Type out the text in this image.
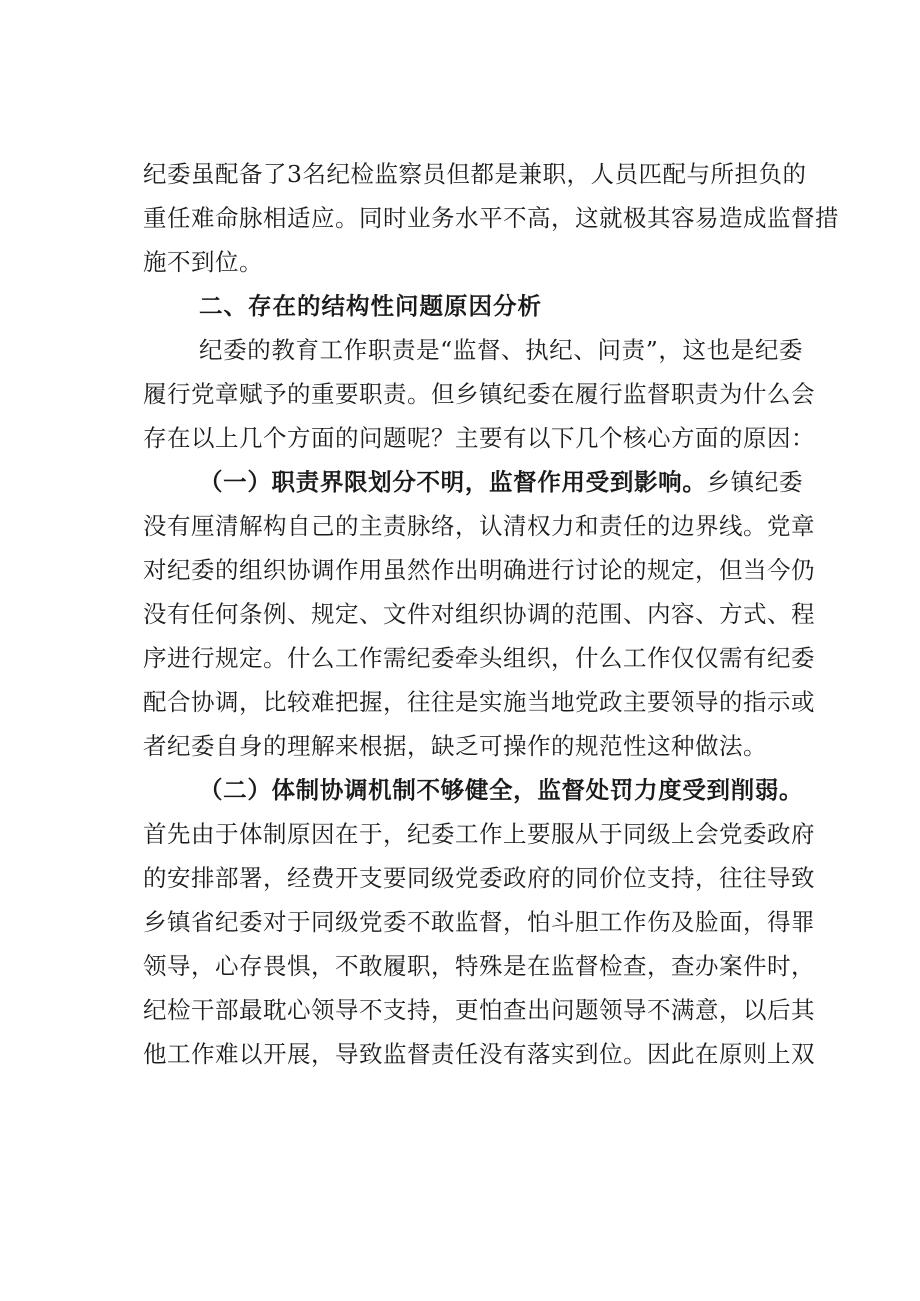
纪委虽配备了3名纪检监察员但都是兼职，人员匹配与所担负的
重任难命脉相适应。同时业务水平不高，这就极其容易造成监督措
施不到位。
二、存在的结构性问题原因分析
纪委的教育工作职责是“监督、执纪、问责”，这也是纪委
履行党章赋予的重要职责。但乡镇纪委在履行监督职责为什么会
存在以上几个方面的问题呢？主要有以下几个核心方面的原因：
（一）职责界限划分不明，监督作用受到影响。乡镇纪委
没有厘清解构自己的主责脉络，认清权力和责任的边界线。党章
对纪委的组织协调作用虽然作出明确进行讨论的规定，但当今仍
没有任何条例、规定、文件对组织协调的范围、内容、方式、程
序进行规定。什么工作需纪委牵头组织，什么工作仅仅需有纪委
配合协调，比较难把握，往往是实施当地党政主要领导的指示或
者纪委自身的理解来根据，缺乏可操作的规范性这种做法。
（二）体制协调机制不够健全，监督处罚力度受到削弱。
首先由于体制原因在于，纪委工作上要服从于同级上会党委政府
的安排部署，经费开支要同级党委政府的同价位支持，往往导致
乡镇省纪委对于同级党委不敢监督，怕斗胆工作伤及脸面，得罪
领导，心存畏惧，不敢履职，特殊是在监督检查，查办案件时，
纪检干部最耽心领导不支持，更怕查出问题领导不满意，以后其
他工作难以开展，导致监督责任没有落实到位。因此在原则上双
